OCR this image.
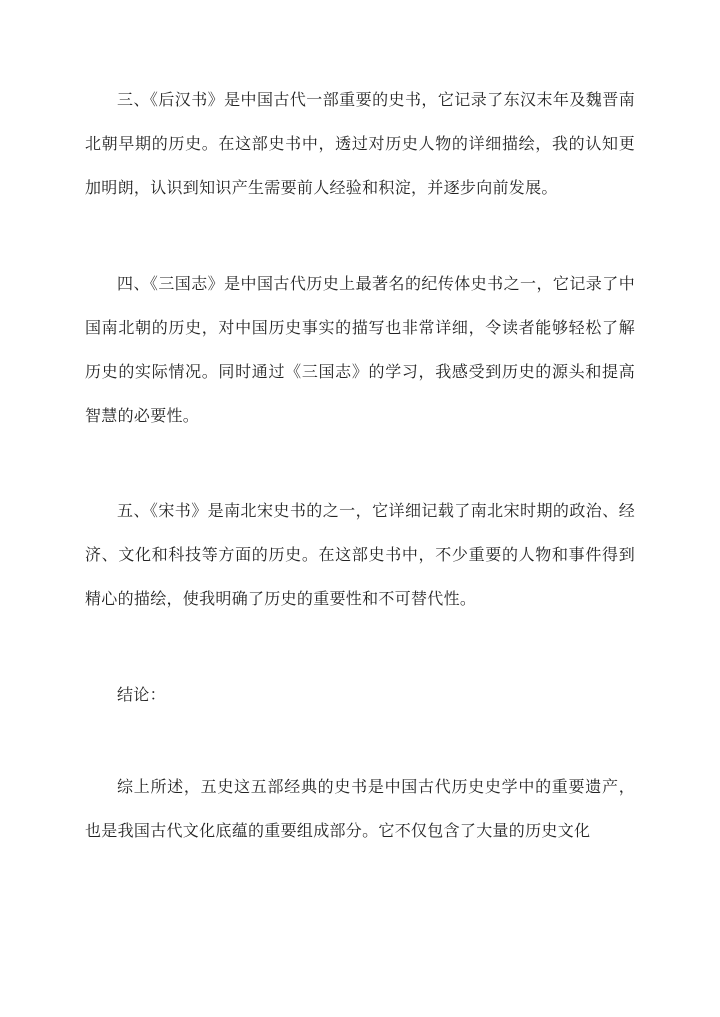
三、《后汉书》是中国古代一部重要的史书，它记录了东汉末年及魏晋南北朝早期的历史。在这部史书中，透过对历史人物的详细描绘，我的认知更加明朗，认识到知识产生需要前人经验和积淀，并逐步向前发展。

四、《三国志》是中国古代历史上最著名的纪传体史书之一，它记录了中国南北朝的历史，对中国历史事实的描写也非常详细，令读者能够轻松了解历史的实际情况。同时通过《三国志》的学习，我感受到历史的源头和提高智慧的必要性。

五、《宋书》是南北宋史书的之一，它详细记载了南北宋时期的政治、经济、文化和科技等方面的历史。在这部史书中，不少重要的人物和事件得到精心的描绘，使我明确了历史的重要性和不可替代性。

结论：

综上所述，五史这五部经典的史书是中国古代历史史学中的重要遗产，也是我国古代文化底蕴的重要组成部分。它不仅包含了大量的历史文化
